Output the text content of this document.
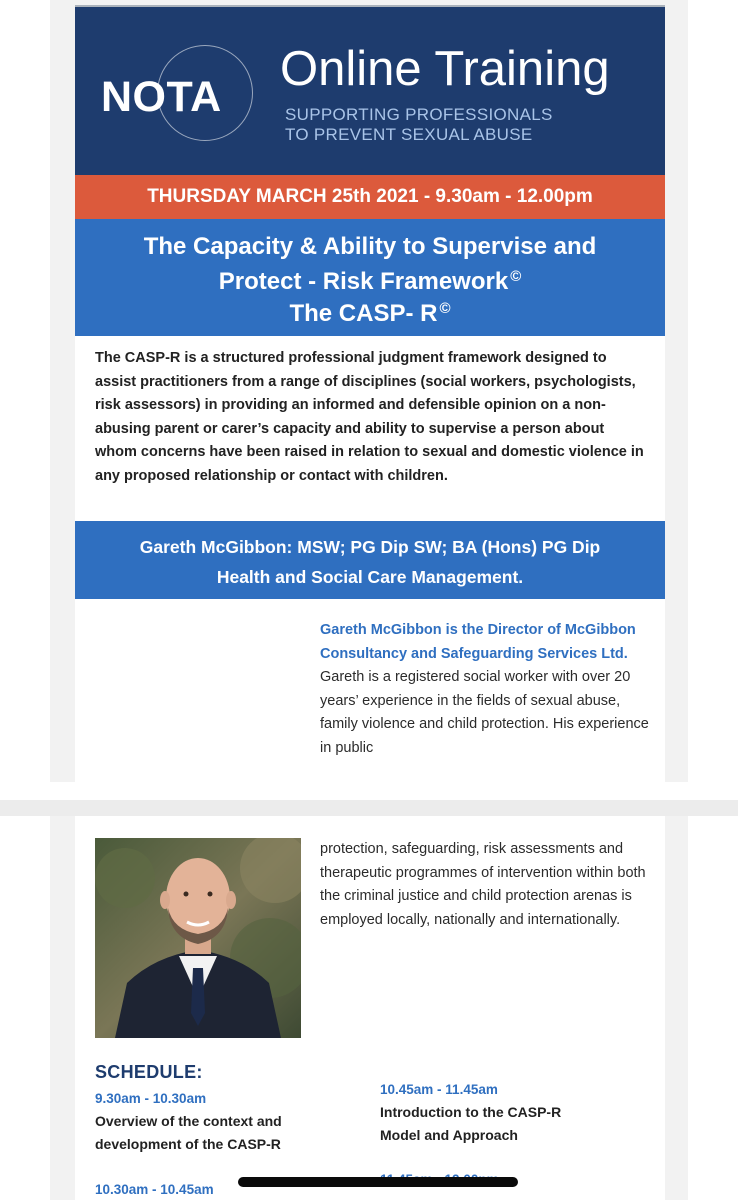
NOTA
Online Training
SUPPORTING PROFESSIONALS
TO PREVENT SEXUAL ABUSE
THURSDAY MARCH 25th 2021 - 9.30am - 12.00pm
The Capacity & Ability to Supervise and
Protect - Risk Framework ©
The CASP- R ©
The CASP-R is a structured professional judgment framework designed to assist practitioners from a range of disciplines (social workers, psychologists, risk assessors) in providing an informed and defensible opinion on a non-abusing parent or carer’s capacity and ability to supervise a person about whom concerns have been raised in relation to sexual and domestic violence in any proposed relationship or contact with children.
Gareth McGibbon: MSW; PG Dip SW; BA (Hons) PG Dip
Health and Social Care Management.
Gareth McGibbon is the Director of McGibbon Consultancy and Safeguarding Services Ltd. Gareth is a registered social worker with over 20 years’ experience in the fields of sexual abuse, family violence and child protection. His experience in public
protection, safeguarding, risk assessments and therapeutic programmes of intervention within both the criminal justice and child protection arenas is employed locally, nationally and internationally.
SCHEDULE:
9.30am - 10.30am
Overview of the context and
development of the CASP-R
10.45am - 11.45am
Introduction to the CASP-R
Model and Approach
10.30am - 10.45am
